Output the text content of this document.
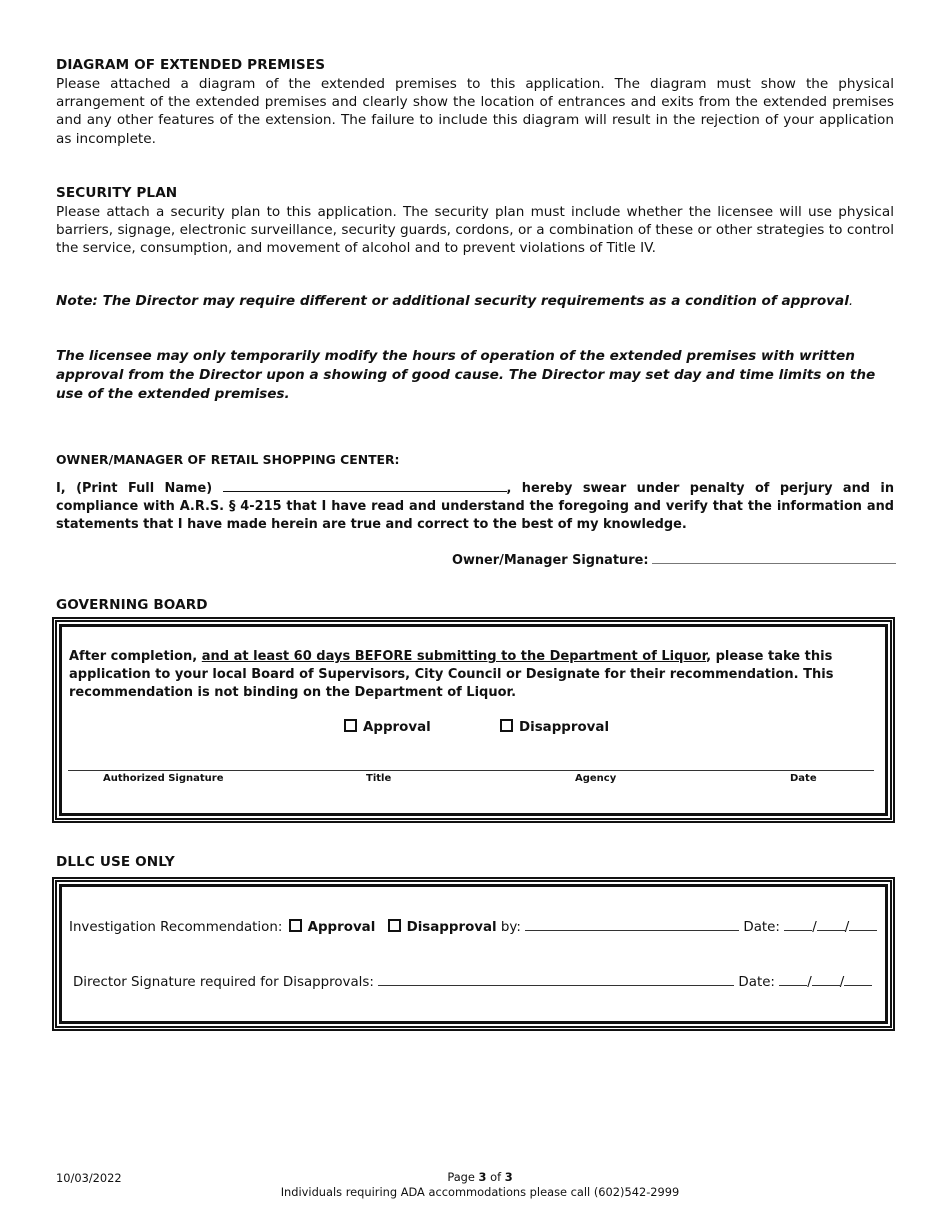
DIAGRAM OF EXTENDED PREMISES
Please attached a diagram of the extended premises to this application. The diagram must show the physical arrangement of the extended premises and clearly show the location of entrances and exits from the extended premises and any other features of the extension. The failure to include this diagram will result in the rejection of your application as incomplete.
SECURITY PLAN
Please attach a security plan to this application. The security plan must include whether the licensee will use physical barriers, signage, electronic surveillance, security guards, cordons, or a combination of these or other strategies to control the service, consumption, and movement of alcohol and to prevent violations of Title IV.
Note: The Director may require different or additional security requirements as a condition of approval.
The licensee may only temporarily modify the hours of operation of the extended premises with written approval from the Director upon a showing of good cause. The Director may set day and time limits on the use of the extended premises.
OWNER/MANAGER OF RETAIL SHOPPING CENTER:
I, (Print Full Name)	, hereby swear under penalty of perjury and in compliance with A.R.S. § 4-215 that I have read and understand the foregoing and verify that the information and statements that I have made herein are true and correct to the best of my knowledge.
Owner/Manager Signature:
GOVERNING BOARD
After completion, and at least 60 days BEFORE submitting to the Department of Liquor, please take this application to your local Board of Supervisors, City Council or Designate for their recommendation. This recommendation is not binding on the Department of Liquor.
Approval	Disapproval
Authorized Signature	Title	Agency	Date
DLLC USE ONLY
Investigation Recommendation: Approval Disapproval by:	Date: / /
Director Signature required for Disapprovals:	Date: / /
10/03/2022	Page 3 of 3
Individuals requiring ADA accommodations please call (602)542-2999
